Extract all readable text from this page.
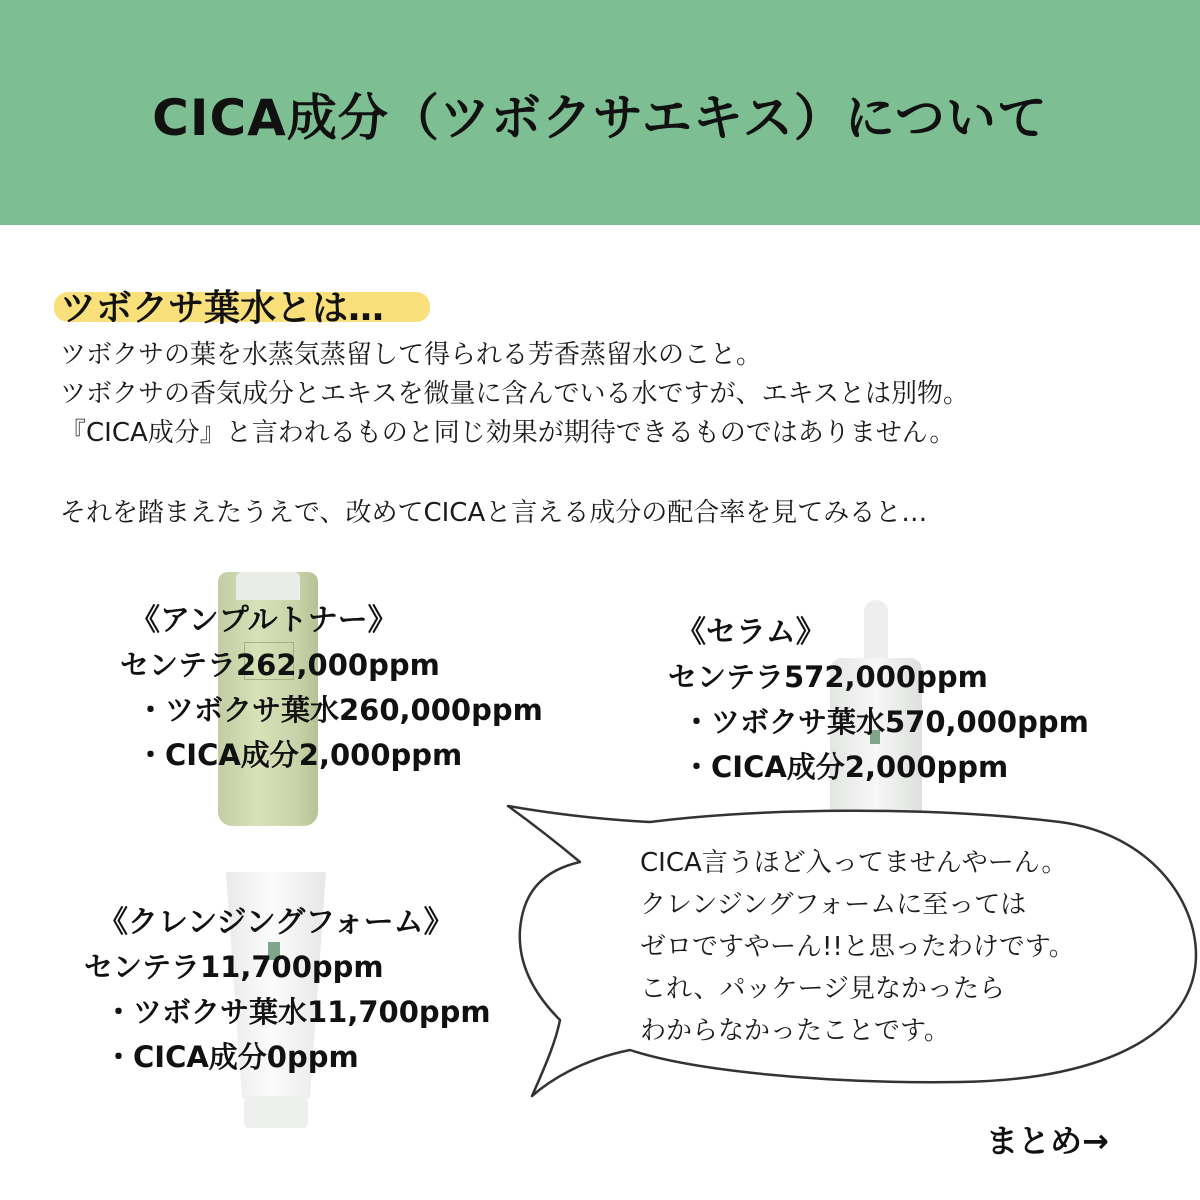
CICA成分（ツボクサエキス）について
ツボクサ葉水とは…

ツボクサの葉を水蒸気蒸留して得られる芳香蒸留水のこと。

ツボクサの香気成分とエキスを微量に含んでいる水ですが、エキスとは別物。

『CICA成分』と言われるものと同じ効果が期待できるものではありません。

それを踏まえたうえで、改めてCICAと言える成分の配合率を見てみると…
《アンプルトナー》
センテラ262,000ppm
・ツボクサ葉水260,000ppm
・CICA成分2,000ppm
《セラム》
センテラ572,000ppm
・ツボクサ葉水570,000ppm
・CICA成分2,000ppm
《クレンジングフォーム》
センテラ11,700ppm
・ツボクサ葉水11,700ppm
・CICA成分0ppm

CICA言うほど入ってませんやーん。

クレンジングフォームに至っては

ゼロですやーん!!と思ったわけです。

これ、パッケージ見なかったら

わからなかったことです。

まとめ→
